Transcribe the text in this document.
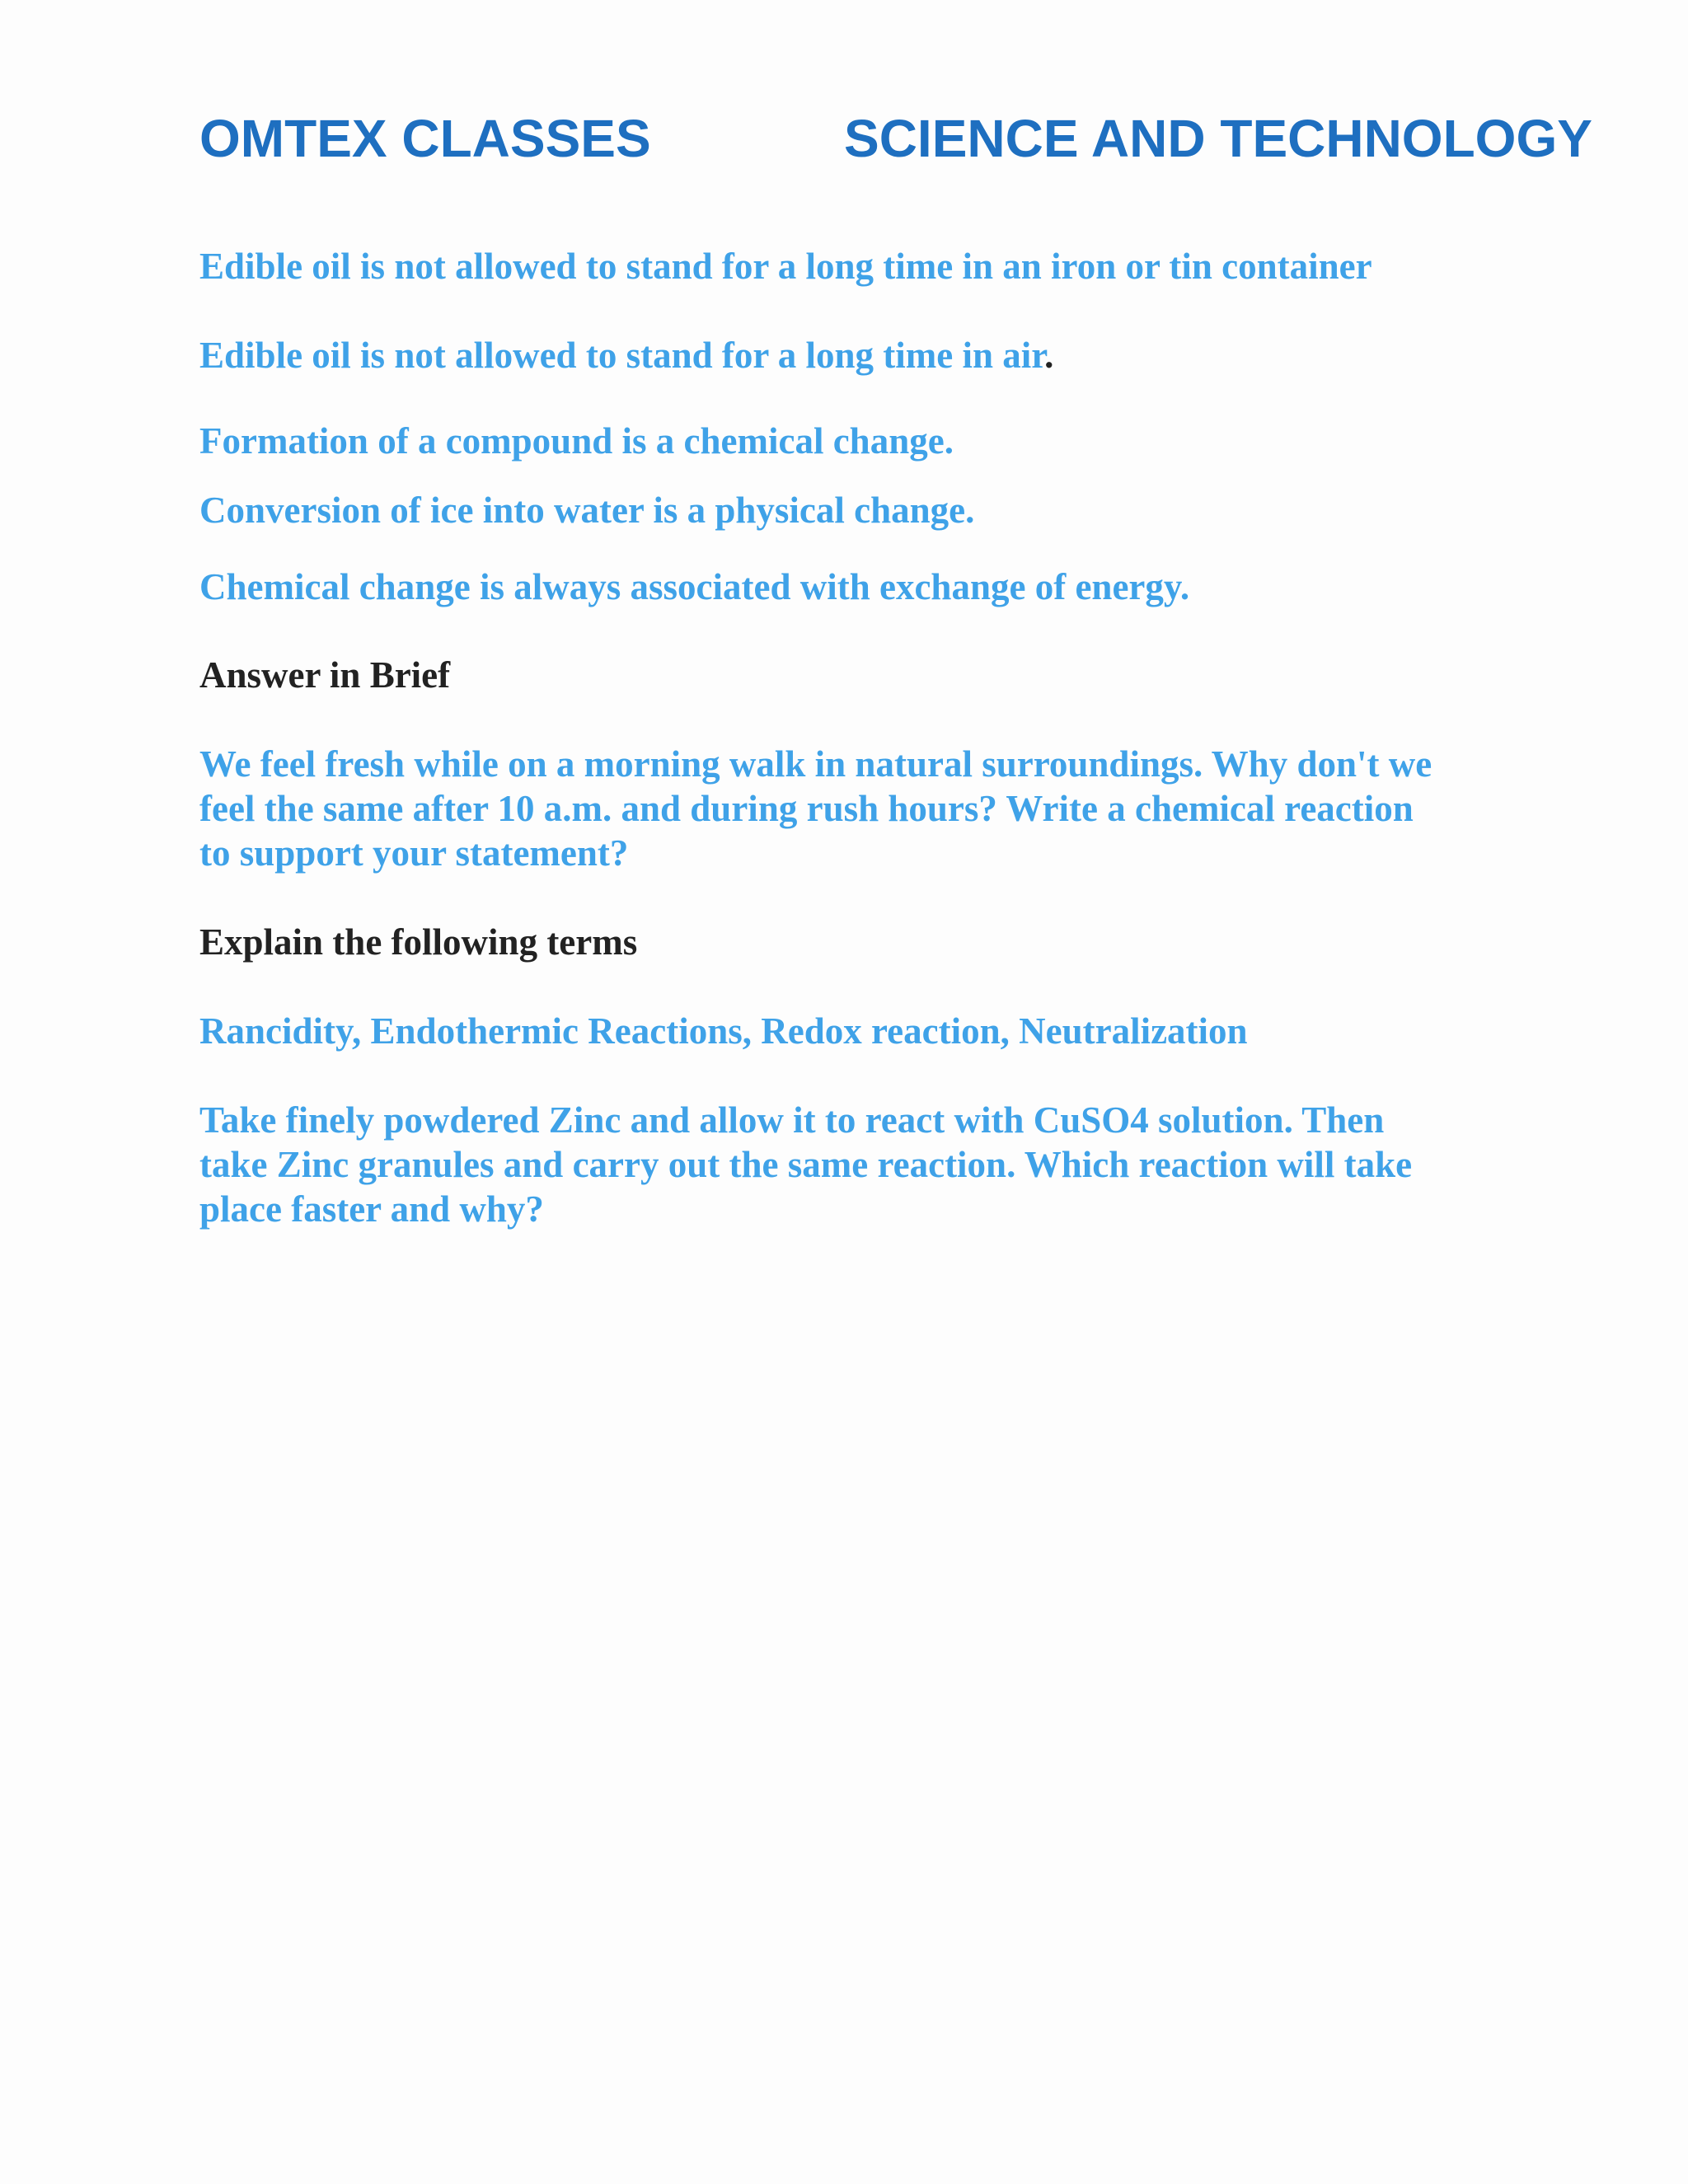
OMTEX CLASSES	SCIENCE AND TECHNOLOGY
Edible oil is not allowed to stand for a long time in an iron or tin container
Edible oil is not allowed to stand for a long time in air.
Formation of a compound is a chemical change.
Conversion of ice into water is a physical change.
Chemical change is always associated with exchange of energy.
Answer in Brief
We feel fresh while on a morning walk in natural surroundings. Why don't we
feel the same after 10 a.m. and during rush hours? Write a chemical reaction
to support your statement?
Explain the following terms
Rancidity, Endothermic Reactions, Redox reaction, Neutralization
Take finely powdered Zinc and allow it to react with CuSO4 solution. Then
take Zinc granules and carry out the same reaction. Which reaction will take
place faster and why?
